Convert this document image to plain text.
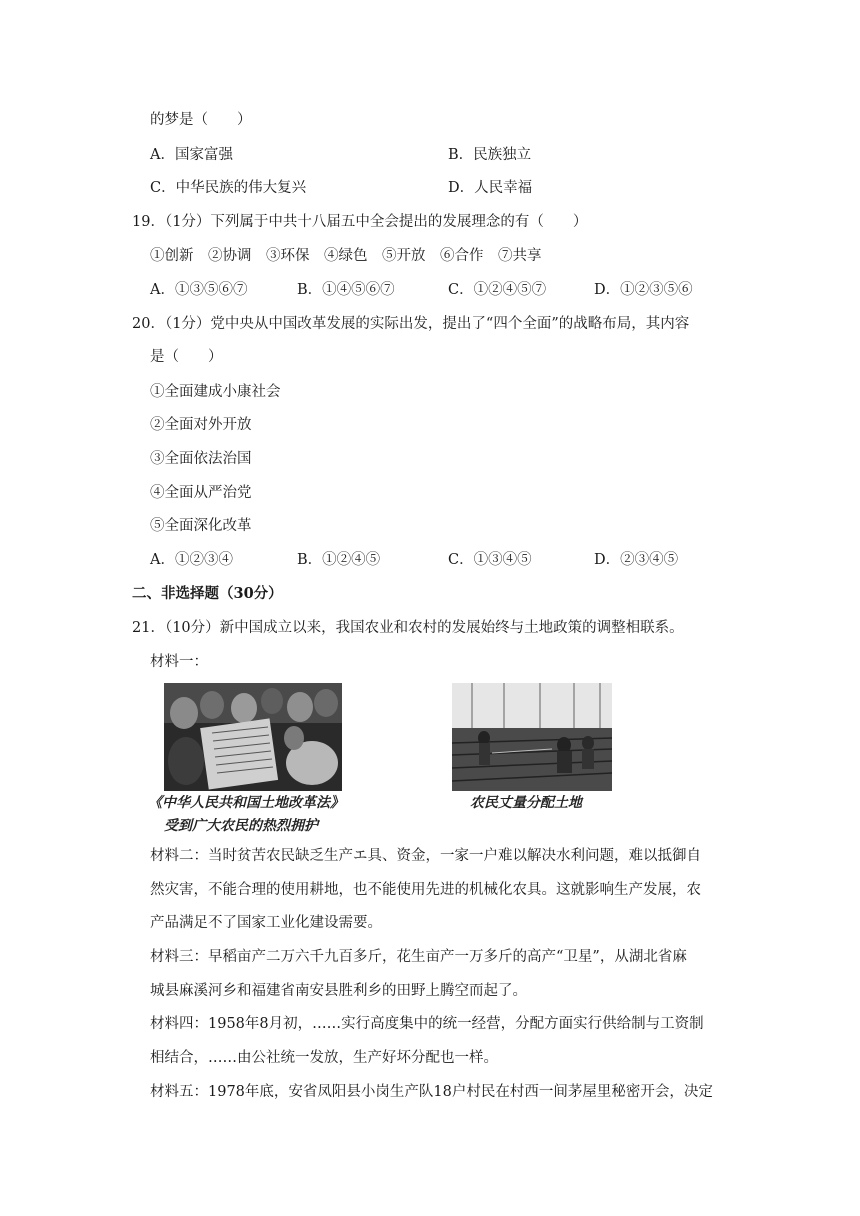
的梦是（　　）
A．国家富强	B．民族独立
C．中华民族的伟大复兴	D．人民幸福
19．（1分）下列属于中共十八届五中全会提出的发展理念的有（　　）
①创新　②协调　③环保　④绿色　⑤开放　⑥合作　⑦共享
A．①③⑤⑥⑦	B．①④⑤⑥⑦	C．①②④⑤⑦	D．①②③⑤⑥
20．（1分）党中央从中国改革发展的实际出发，提出了“四个全面”的战略布局，其内容
是（　　）
①全面建成小康社会
②全面对外开放
③全面依法治国
④全面从严治党
⑤全面深化改革
A．①②③④	B．①②④⑤	C．①③④⑤	D．②③④⑤
二、非选择题（30分）
21．（10分）新中国成立以来，我国农业和农村的发展始终与土地政策的调整相联系。
材料一：
《中华人民共和国土地改革法》
受到广大农民的热烈拥护
农民丈量分配土地
材料二：当时贫苦农民缺乏生产エ具、资金，一家一户难以解决水利问题，难以抵御自
然灾害，不能合理的使用耕地，也不能使用先进的机械化农具。这就影响生产发展，农
产品满足不了国家工业化建设需要。
材料三：早稻亩产二万六千九百多斤，花生亩产一万多斤的高产“卫星”，从湖北省麻
城县麻溪河乡和福建省南安县胜利乡的田野上腾空而起了。
材料四：1958年8月初，……实行高度集中的统一经营，分配方面实行供给制与工资制
相结合，……由公社统一发放，生产好坏分配也一样。
材料五：1978年底，安省凤阳县小岗生产队18户村民在村西一间茅屋里秘密开会，决定
